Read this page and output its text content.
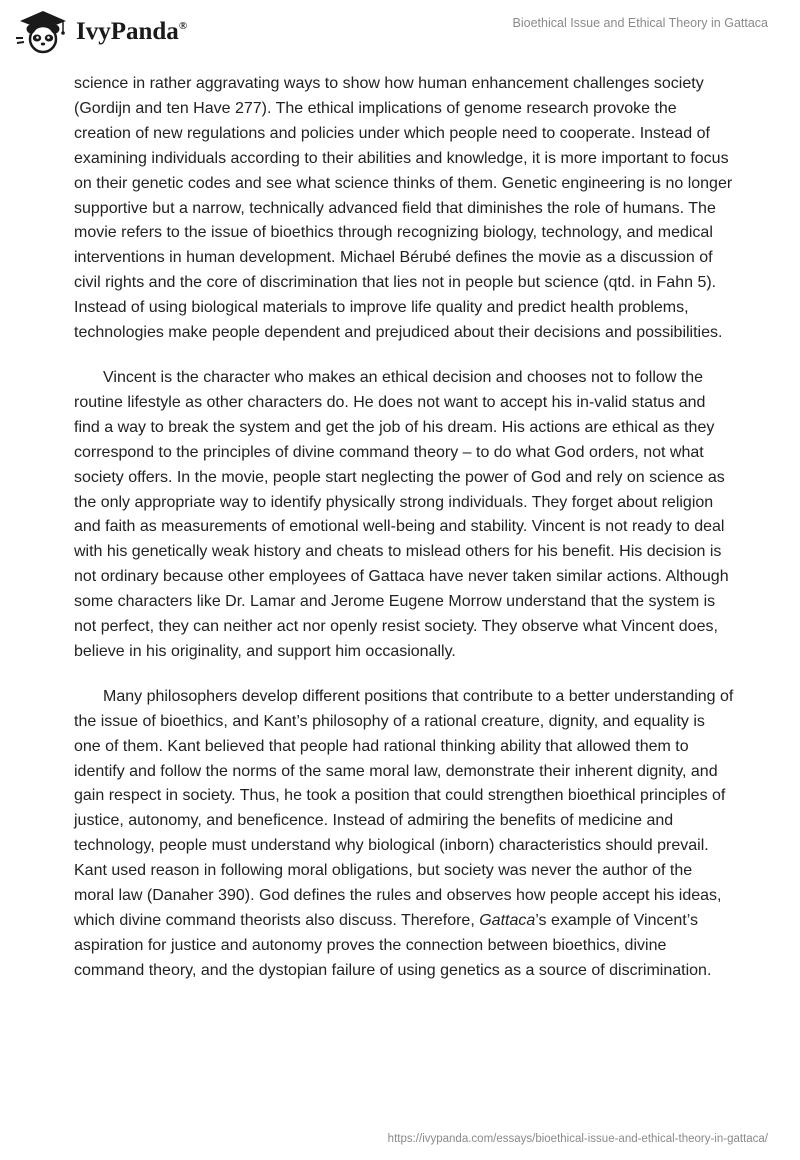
IvyPanda®	Bioethical Issue and Ethical Theory in Gattaca

science in rather aggravating ways to show how human enhancement challenges society (Gordijn and ten Have 277). The ethical implications of genome research provoke the creation of new regulations and policies under which people need to cooperate. Instead of examining individuals according to their abilities and knowledge, it is more important to focus on their genetic codes and see what science thinks of them. Genetic engineering is no longer supportive but a narrow, technically advanced field that diminishes the role of humans. The movie refers to the issue of bioethics through recognizing biology, technology, and medical interventions in human development. Michael Bérubé defines the movie as a discussion of civil rights and the core of discrimination that lies not in people but science (qtd. in Fahn 5). Instead of using biological materials to improve life quality and predict health problems, technologies make people dependent and prejudiced about their decisions and possibilities.

Vincent is the character who makes an ethical decision and chooses not to follow the routine lifestyle as other characters do. He does not want to accept his in-valid status and find a way to break the system and get the job of his dream. His actions are ethical as they correspond to the principles of divine command theory – to do what God orders, not what society offers. In the movie, people start neglecting the power of God and rely on science as the only appropriate way to identify physically strong individuals. They forget about religion and faith as measurements of emotional well-being and stability. Vincent is not ready to deal with his genetically weak history and cheats to mislead others for his benefit. His decision is not ordinary because other employees of Gattaca have never taken similar actions. Although some characters like Dr. Lamar and Jerome Eugene Morrow understand that the system is not perfect, they can neither act nor openly resist society. They observe what Vincent does, believe in his originality, and support him occasionally.

Many philosophers develop different positions that contribute to a better understanding of the issue of bioethics, and Kant’s philosophy of a rational creature, dignity, and equality is one of them. Kant believed that people had rational thinking ability that allowed them to identify and follow the norms of the same moral law, demonstrate their inherent dignity, and gain respect in society. Thus, he took a position that could strengthen bioethical principles of justice, autonomy, and beneficence. Instead of admiring the benefits of medicine and technology, people must understand why biological (inborn) characteristics should prevail. Kant used reason in following moral obligations, but society was never the author of the moral law (Danaher 390). God defines the rules and observes how people accept his ideas, which divine command theorists also discuss. Therefore, Gattaca’s example of Vincent’s aspiration for justice and autonomy proves the connection between bioethics, divine command theory, and the dystopian failure of using genetics as a source of discrimination.

https://ivypanda.com/essays/bioethical-issue-and-ethical-theory-in-gattaca/
